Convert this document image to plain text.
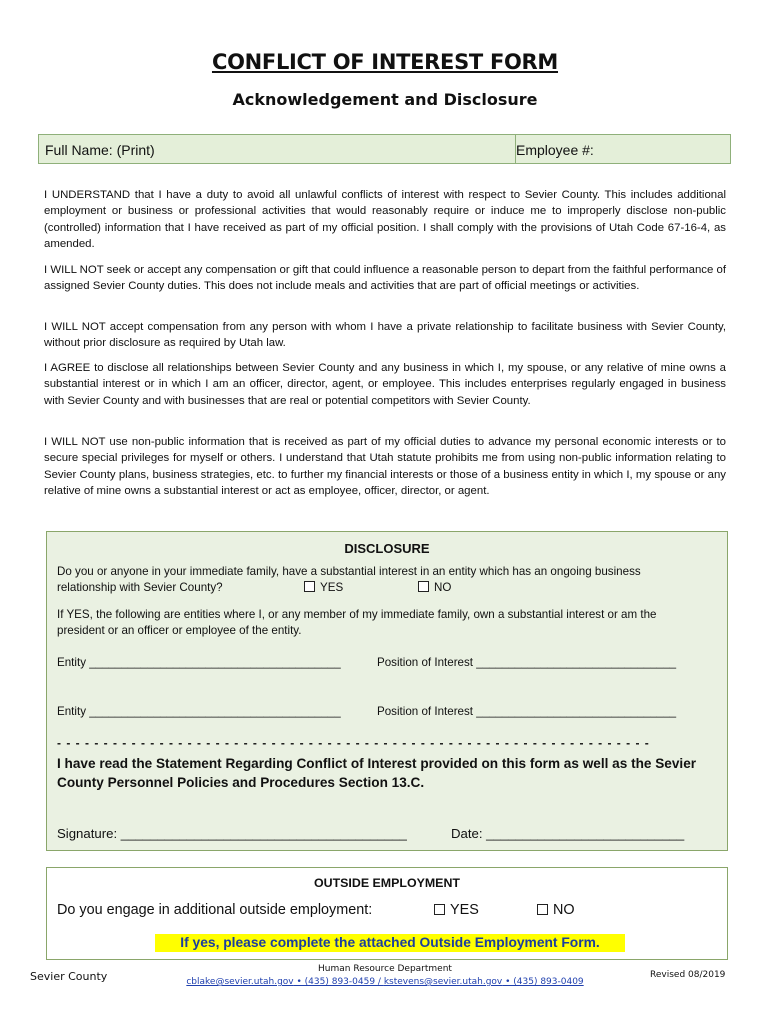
CONFLICT OF INTEREST FORM
Acknowledgement and Disclosure
Full Name: (Print)	Employee #:
I UNDERSTAND that I have a duty to avoid all unlawful conflicts of interest with respect to Sevier County. This includes additional employment or business or professional activities that would reasonably require or induce me to improperly disclose non-public (controlled) information that I have received as part of my official position. I shall comply with the provisions of Utah Code 67-16-4, as amended.
I WILL NOT seek or accept any compensation or gift that could influence a reasonable person to depart from the faithful performance of assigned Sevier County duties. This does not include meals and activities that are part of official meetings or activities.
I WILL NOT accept compensation from any person with whom I have a private relationship to facilitate business with Sevier County, without prior disclosure as required by Utah law.
I AGREE to disclose all relationships between Sevier County and any business in which I, my spouse, or any relative of mine owns a substantial interest or in which I am an officer, director, agent, or employee. This includes enterprises regularly engaged in business with Sevier County and with businesses that are real or potential competitors with Sevier County.
I WILL NOT use non-public information that is received as part of my official duties to advance my personal economic interests or to secure special privileges for myself or others. I understand that Utah statute prohibits me from using non-public information relating to Sevier County plans, business strategies, etc. to further my financial interests or those of a business entity in which I, my spouse or any relative of mine owns a substantial interest or act as employee, officer, director, or agent.
DISCLOSURE
Do you or anyone in your immediate family, have a substantial interest in an entity which has an ongoing business
relationship with Sevier County?	YES	NO
If YES, the following are entities where I, or any member of my immediate family, own a substantial interest or am the
president or an officer or employee of the entity.
Entity _______________________________________	Position of Interest _______________________________
Entity _______________________________________	Position of Interest _______________________________
- - - - - - - - - - - - - - - - - - - - - - - - - - - - - - - - - - - - - - - - - - - - - - - - - - - - - - - - - - - - - - - -
I have read the Statement Regarding Conflict of Interest provided on this form as well as the Sevier County Personnel Policies and Procedures Section 13.C.
Signature: _______________________________________	Date: ___________________________
OUTSIDE EMPLOYMENT
Do you engage in additional outside employment:	YES	NO
If yes, please complete the attached Outside Employment Form.
Sevier County
Human Resource Department
cblake@sevier.utah.gov • (435) 893-0459 / kstevens@sevier.utah.gov • (435) 893-0409
Revised 08/2019
